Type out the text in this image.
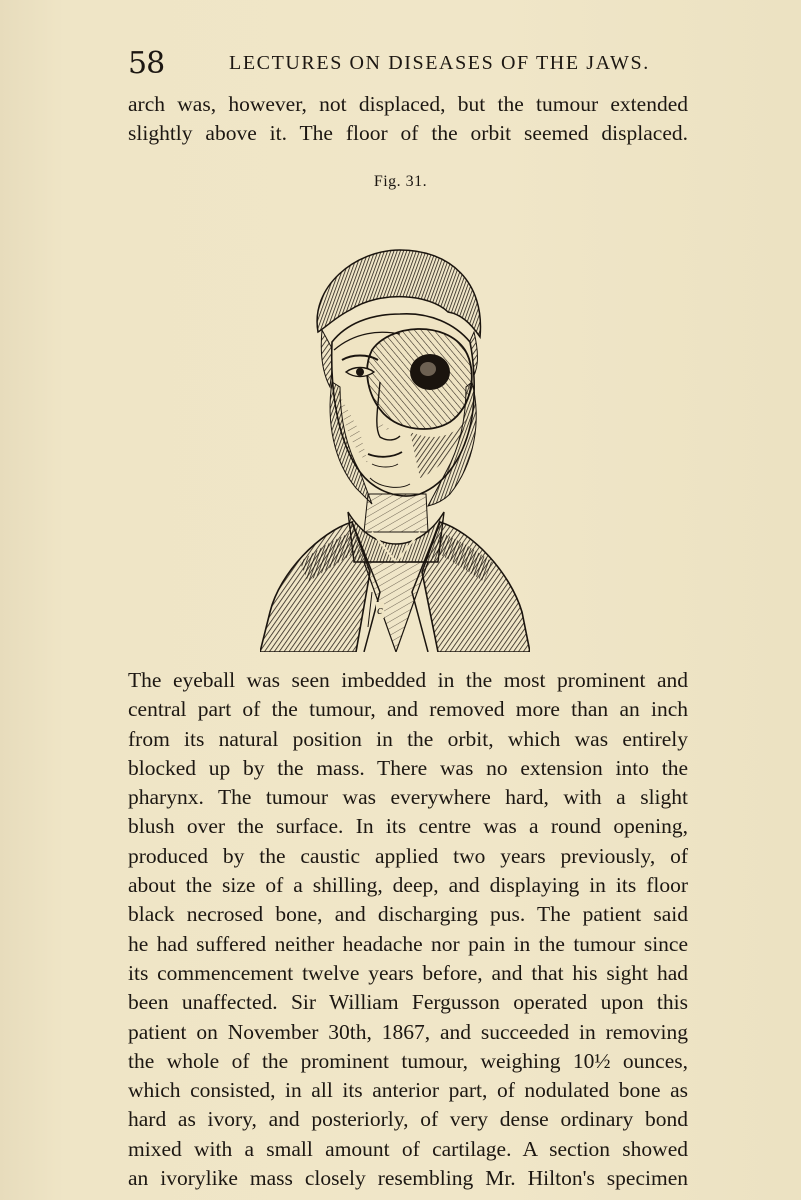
58	LECTURES ON DISEASES OF THE JAWS.
arch was, however, not displaced, but the tumour extended
slightly above it. The floor of the orbit seemed displaced.
Fig. 31.
c
The eyeball was seen imbedded in the most prominent and
central part of the tumour, and removed more than an inch
from its natural position in the orbit, which was entirely
blocked up by the mass. There was no extension into the
pharynx. The tumour was everywhere hard, with a slight
blush over the surface. In its centre was a round opening,
produced by the caustic applied two years previously, of
about the size of a shilling, deep, and displaying in its floor
black necrosed bone, and discharging pus. The patient said
he had suffered neither headache nor pain in the tumour since
its commencement twelve years before, and that his sight had
been unaffected. Sir William Fergusson operated upon this
patient on November 30th, 1867, and succeeded in removing
the whole of the prominent tumour, weighing 10½ ounces,
which consisted, in all its anterior part, of nodulated bone as
hard as ivory, and posteriorly, of very dense ordinary bond
mixed with a small amount of cartilage. A section showed
an ivorylike mass closely resembling Mr. Hilton's specimen
